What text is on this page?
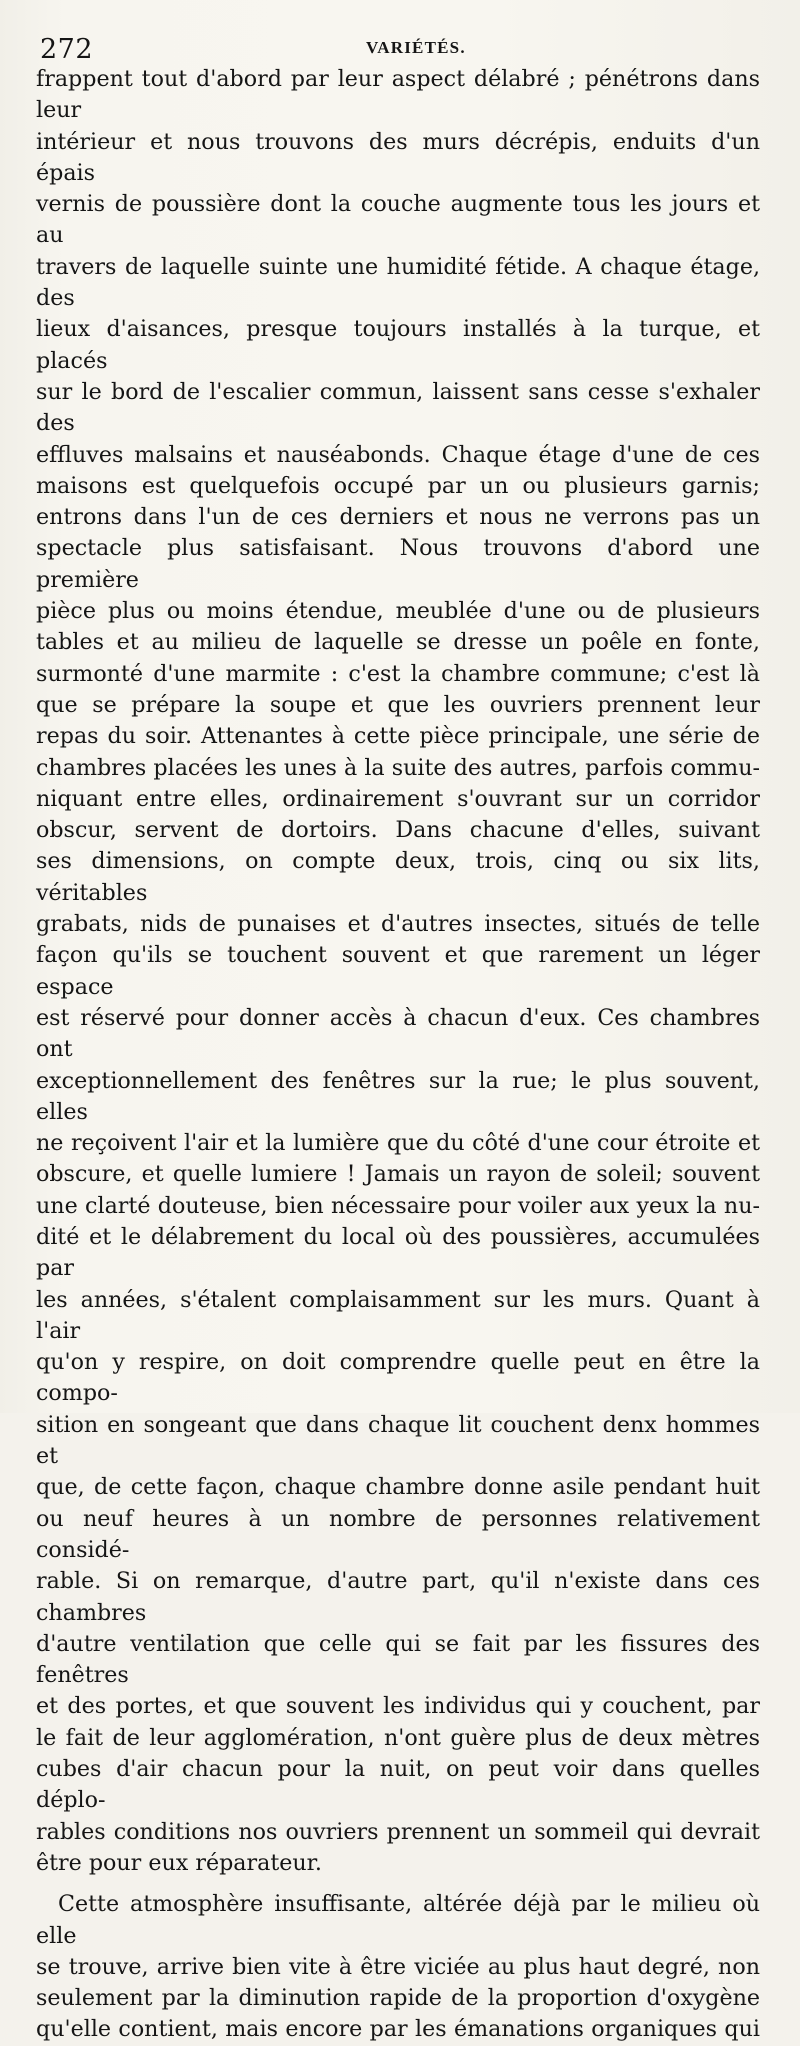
272	VARIÉTÉS.

frappent tout d'abord par leur aspect délabré ; pénétrons dans leur

intérieur et nous trouvons des murs décrépis, enduits d'un épais

vernis de poussière dont la couche augmente tous les jours et au

travers de laquelle suinte une humidité fétide. A chaque étage, des

lieux d'aisances, presque toujours installés à la turque, et placés

sur le bord de l'escalier commun, laissent sans cesse s'exhaler des

effluves malsains et nauséabonds. Chaque étage d'une de ces

maisons est quelquefois occupé par un ou plusieurs garnis;

entrons dans l'un de ces derniers et nous ne verrons pas un

spectacle plus satisfaisant. Nous trouvons d'abord une première

pièce plus ou moins étendue, meublée d'une ou de plusieurs

tables et au milieu de laquelle se dresse un poêle en fonte,

surmonté d'une marmite : c'est la chambre commune; c'est là

que se prépare la soupe et que les ouvriers prennent leur

repas du soir. Attenantes à cette pièce principale, une série de

chambres placées les unes à la suite des autres, parfois commu-

niquant entre elles, ordinairement s'ouvrant sur un corridor

obscur, servent de dortoirs. Dans chacune d'elles, suivant

ses dimensions, on compte deux, trois, cinq ou six lits, véritables

grabats, nids de punaises et d'autres insectes, situés de telle

façon qu'ils se touchent souvent et que rarement un léger espace

est réservé pour donner accès à chacun d'eux. Ces chambres ont

exceptionnellement des fenêtres sur la rue; le plus souvent, elles

ne reçoivent l'air et la lumière que du côté d'une cour étroite et

obscure, et quelle lumiere ! Jamais un rayon de soleil; souvent

une clarté douteuse, bien nécessaire pour voiler aux yeux la nu-

dité et le délabrement du local où des poussières, accumulées par

les années, s'étalent complaisamment sur les murs. Quant à l'air

qu'on y respire, on doit comprendre quelle peut en être la compo-

sition en songeant que dans chaque lit couchent denx hommes et

que, de cette façon, chaque chambre donne asile pendant huit

ou neuf heures à un nombre de personnes relativement considé-

rable. Si on remarque, d'autre part, qu'il n'existe dans ces chambres

d'autre ventilation que celle qui se fait par les fissures des fenêtres

et des portes, et que souvent les individus qui y couchent, par

le fait de leur agglomération, n'ont guère plus de deux mètres

cubes d'air chacun pour la nuit, on peut voir dans quelles déplo-

rables conditions nos ouvriers prennent un sommeil qui devrait

être pour eux réparateur.

Cette atmosphère insuffisante, altérée déjà par le milieu où elle

se trouve, arrive bien vite à être viciée au plus haut degré, non

seulement par la diminution rapide de la proportion d'oxygène

qu'elle contient, mais encore par les émanations organiques qui
